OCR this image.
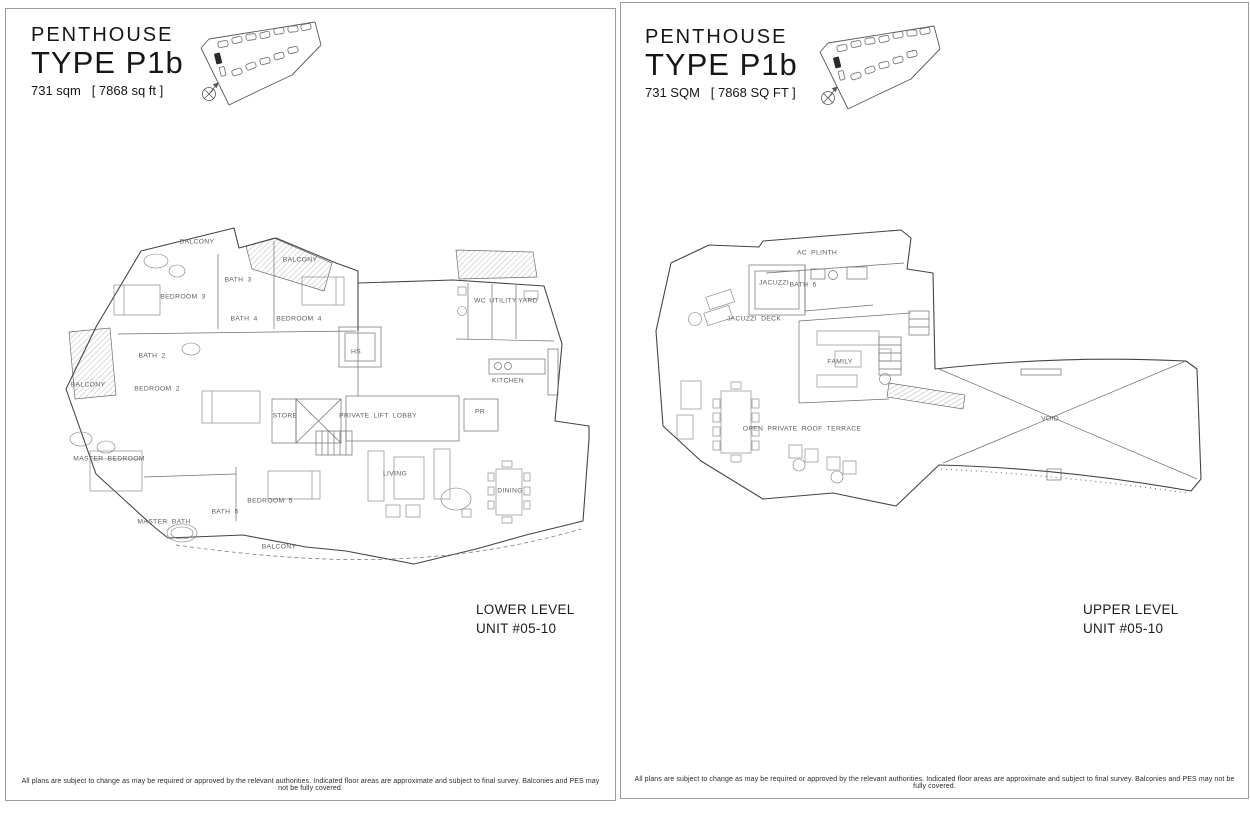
PENTHOUSE
TYPE P1b
731 sqm   [ 7868 sq ft ]
BALCONY
BALCONY
BATH 3
BEDROOM 3
BATH 4	BEDROOM 4
BATH 2
BALCONY
BEDROOM 2
HS
STORE	PRIVATE LIFT LOBBY
WC UTILITY YARD
KITCHEN
PR
MASTER BEDROOM
MASTER BATH
BATH 5
BEDROOM 5
LIVING
DINING
BALCONY
LOWER LEVEL
UNIT #05-10
All plans are subject to change as may be required or approved by the relevant authorities. Indicated floor areas are approximate and subject to final survey. Balconies and PES may not be fully covered.
PENTHOUSE
TYPE P1b
731 SQM   [ 7868 SQ FT ]
AC PLINTH
JACUZZI BATH 6
JACUZZI DECK
FAMILY
OPEN PRIVATE ROOF TERRACE
VOID
UPPER LEVEL
UNIT #05-10
All plans are subject to change as may be required or approved by the relevant authorities. Indicated floor areas are approximate and subject to final survey. Balconies and PES may not be fully covered.
